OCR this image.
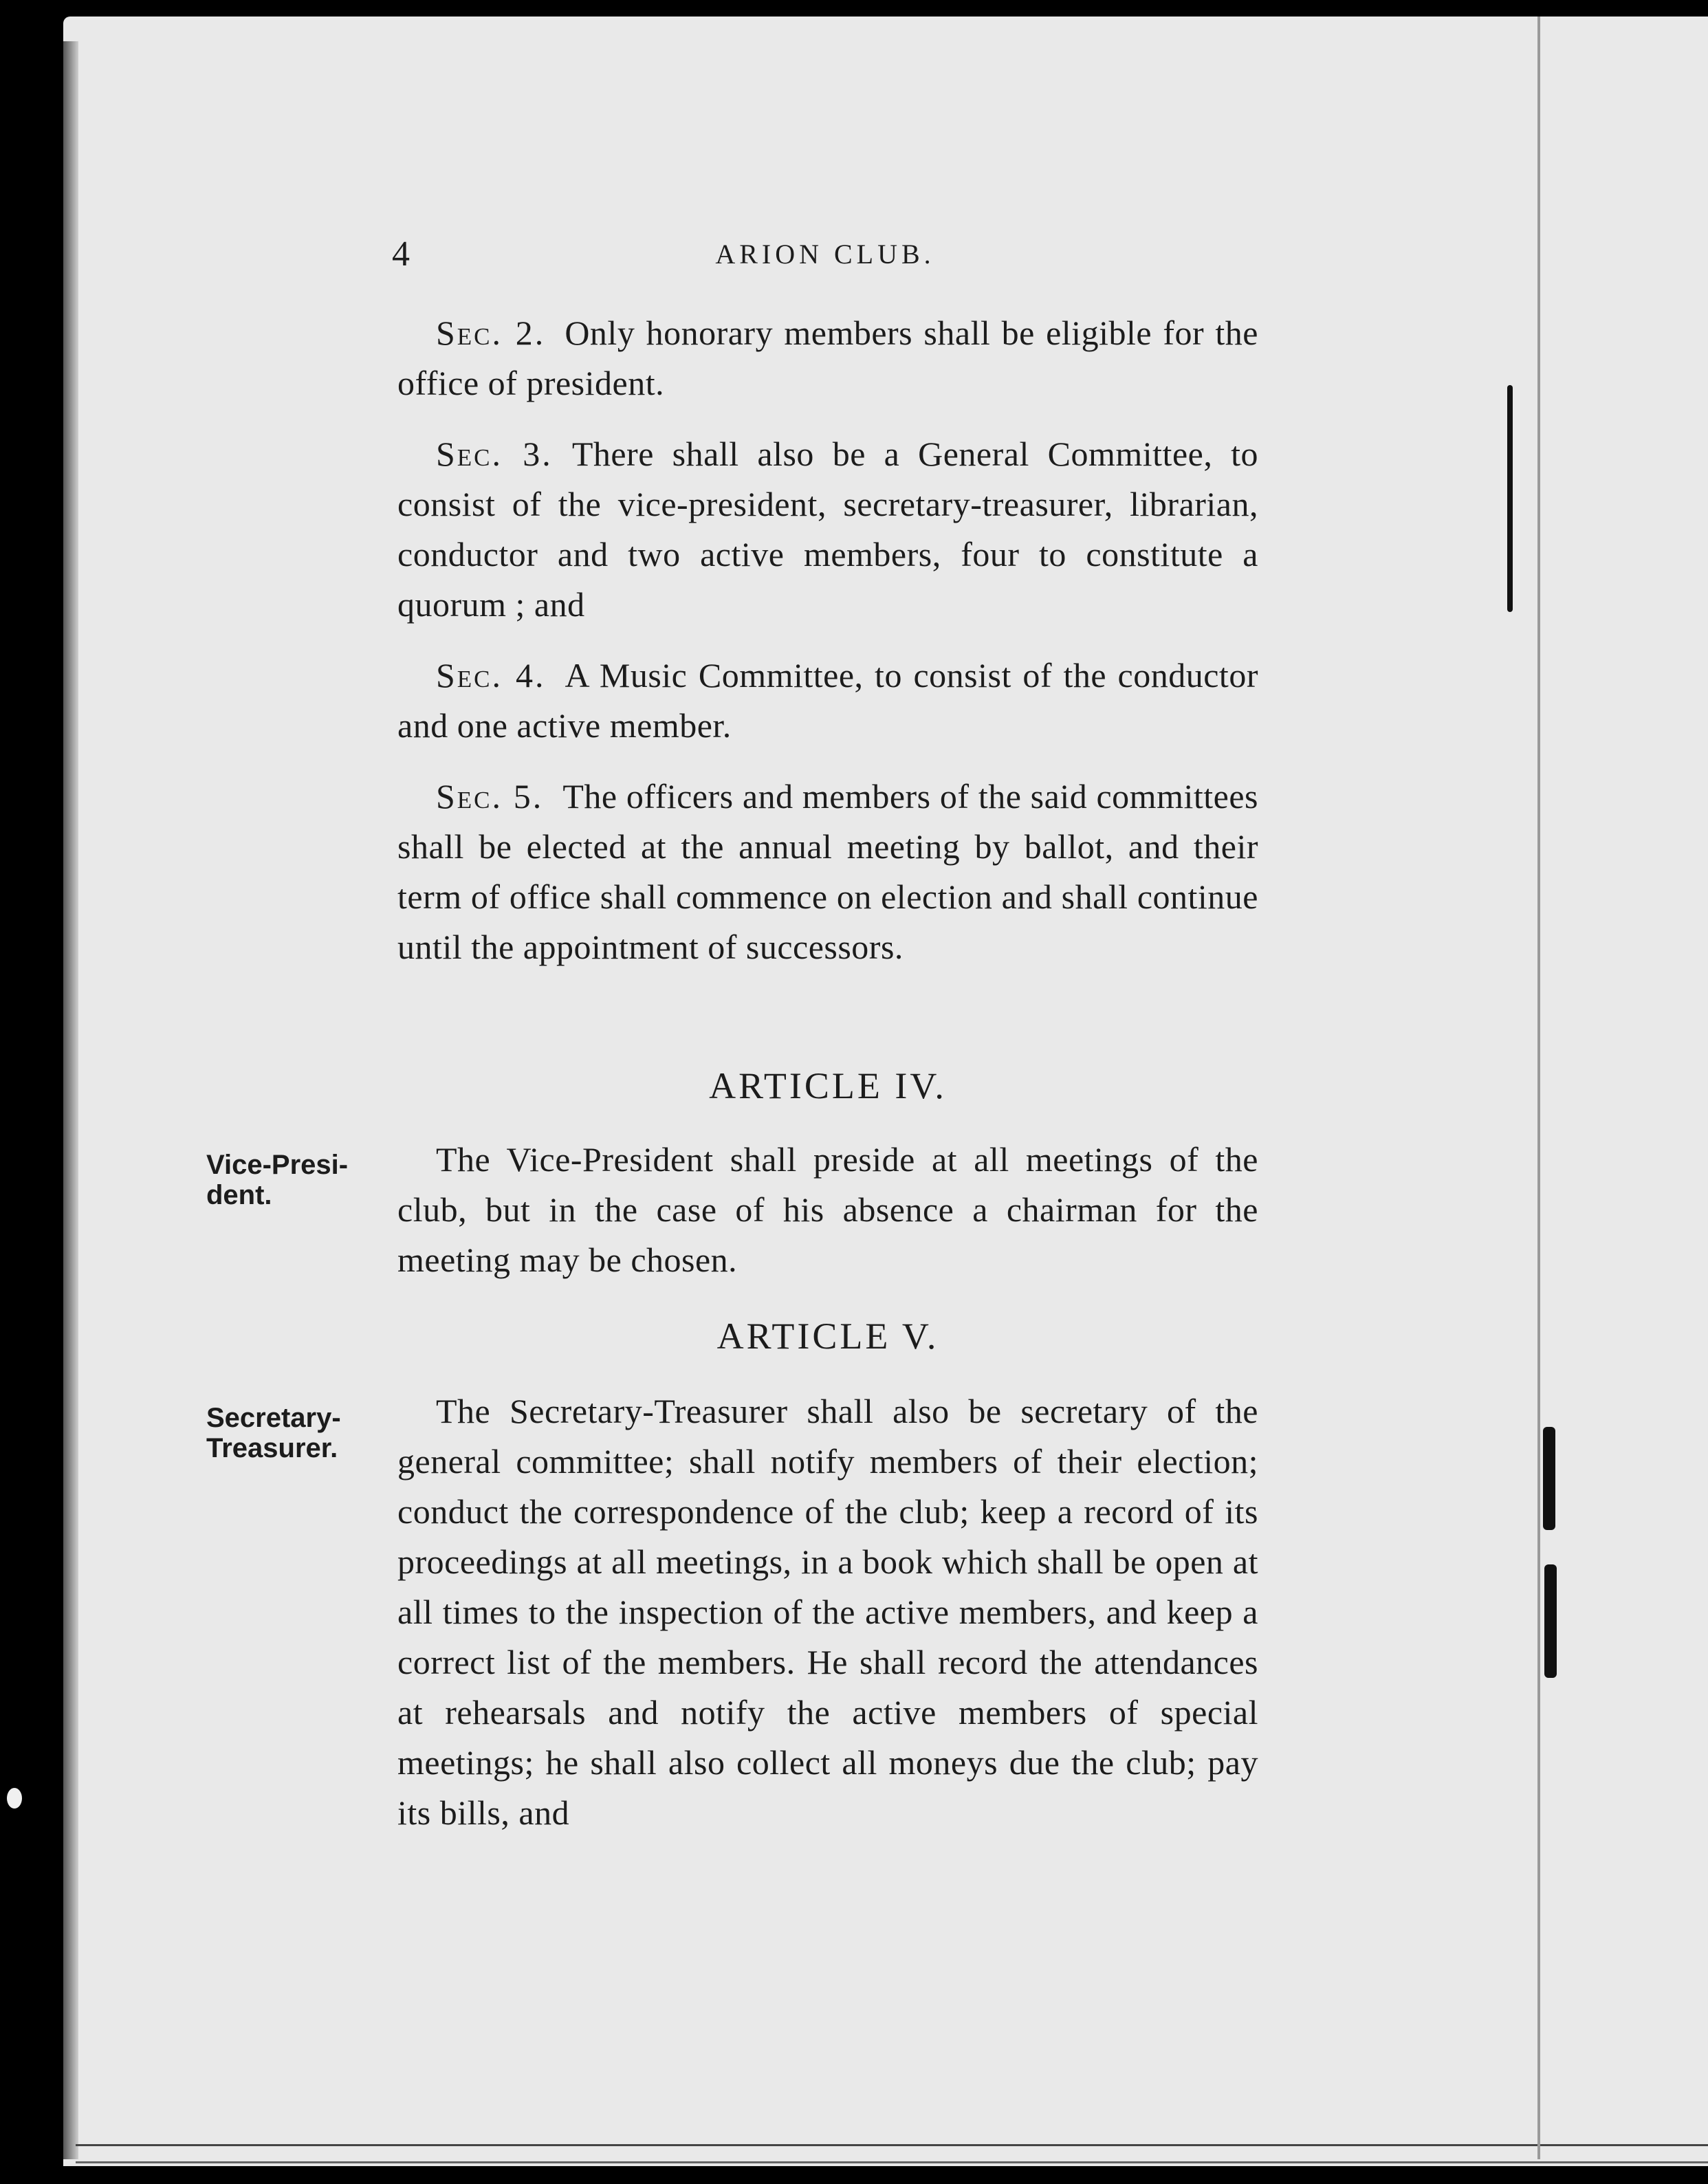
4	ARION CLUB.

Sec. 2. Only honorary members shall be eligible for the office of president.

Sec. 3. There shall also be a General Committee, to consist of the vice-president, secretary-treasurer, librarian, conductor and two active members, four to constitute a quorum ; and

Sec. 4. A Music Committee, to consist of the conductor and one active member.

Sec. 5. The officers and members of the said committees shall be elected at the annual meeting by ballot, and their term of office shall commence on election and shall continue until the appointment of successors.

ARTICLE IV.
Vice-Presi-
dent.

The Vice-President shall preside at all meetings of the club, but in the case of his absence a chairman for the meeting may be chosen.

ARTICLE V.
Secretary-
Treasurer.

The Secretary-Treasurer shall also be secretary of the general committee; shall notify members of their election; conduct the correspondence of the club; keep a record of its proceedings at all meetings, in a book which shall be open at all times to the inspection of the active members, and keep a correct list of the members. He shall record the attendances at rehearsals and notify the active members of special meetings; he shall also collect all moneys due the club; pay its bills, and
